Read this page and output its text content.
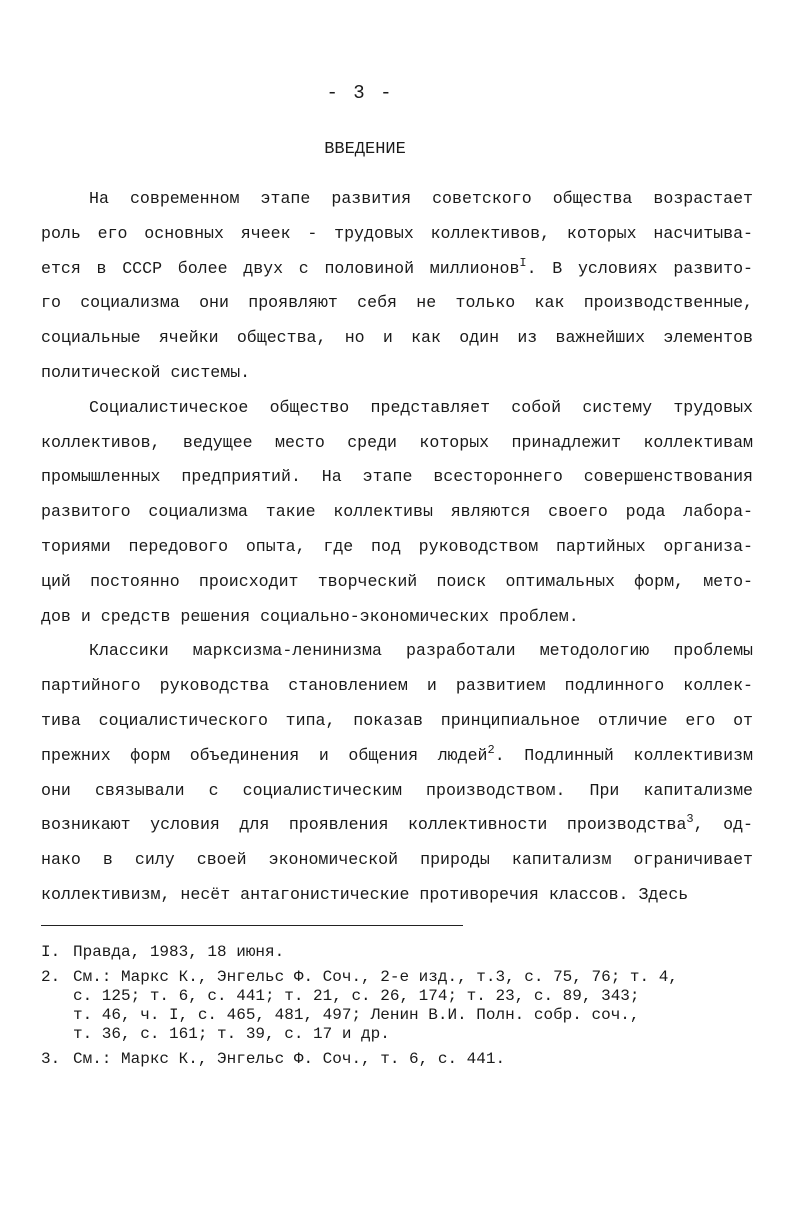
- 3 -
ВВЕДЕНИЕ
На современном этапе развития советского общества возрастает
роль его основных ячеек - трудовых коллективов, которых насчитыва-
ется в СССР более двух с половиной миллионов$^I$. В условиях развито-
го социализма они проявляют себя не только как производственные,
социальные ячейки общества, но и как один из важнейших элементов
политической системы.
Социалистическое общество представляет собой систему трудовых
коллективов, ведущее место среди которых принадлежит коллективам
промышленных предприятий. На этапе всестороннего совершенствования
развитого социализма такие коллективы являются своего рода лабора-
ториями передового опыта, где под руководством партийных организа-
ций постоянно происходит творческий поиск оптимальных форм, мето-
дов и средств решения социально-экономических проблем.
Классики марксизма-ленинизма разработали методологию проблемы
партийного руководства становлением и развитием подлинного коллек-
тива социалистического типа, показав принципиальное отличие его от
прежних форм объединения и общения людей$^2$. Подлинный коллективизм
они связывали с социалистическим производством. При капитализме
возникают условия для проявления коллективности производства$^3$, од-
нако в силу своей экономической природы капитализм ограничивает
коллективизм, несёт антагонистические противоречия классов. Здесь
I. Правда, 1983, 18 июня.
2. См.: Маркс К., Энгельс Ф. Соч., 2-е изд., т.3, с. 75, 76; т. 4,
с. 125; т. 6, с. 441; т. 21, с. 26, 174; т. 23, с. 89, 343;
т. 46, ч. I, с. 465, 481, 497; Ленин В.И. Полн. собр. соч.,
т. 36, с. 161; т. 39, с. 17 и др.
3. См.: Маркс К., Энгельс Ф. Соч., т. 6, с. 441.
